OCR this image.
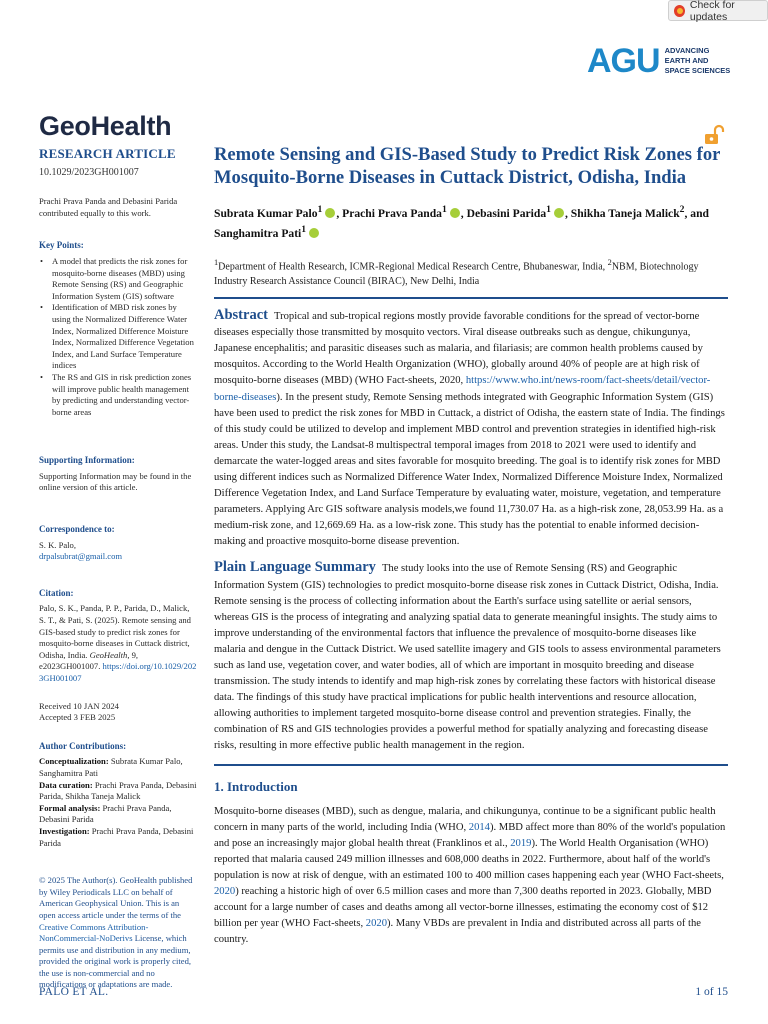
Check for updates
AGU ADVANCING
EARTH AND
SPACE SCIENCES
GeoHealth
RESEARCH ARTICLE
10.1029/2023GH001007
Prachi Prava Panda and Debasini Parida contributed equally to this work.
Key Points:
• A model that predicts the risk zones for mosquito-borne diseases (MBD) using Remote Sensing (RS) and Geographic Information System (GIS) software
• Identification of MBD risk zones by using the Normalized Difference Water Index, Normalized Difference Moisture Index, Normalized Difference Vegetation Index, and Land Surface Temperature indices
• The RS and GIS in risk prediction zones will improve public health management by predicting and understanding vector-borne areas
Supporting Information:
Supporting Information may be found in the online version of this article.
Correspondence to:
S. K. Palo,
drpalsubrat@gmail.com
Citation:
Palo, S. K., Panda, P. P., Parida, D., Malick, S. T., & Pati, S. (2025). Remote sensing and GIS-based study to predict risk zones for mosquito-borne diseases in Cuttack district, Odisha, India. GeoHealth, 9, e2023GH001007. https://doi.org/10.1029/2023GH001007
Received 10 JAN 2024
Accepted 3 FEB 2025
Author Contributions:
Conceptualization: Subrata Kumar Palo, Sanghamitra Pati
Data curation: Prachi Prava Panda, Debasini Parida, Shikha Taneja Malick
Formal analysis: Prachi Prava Panda, Debasini Parida
Investigation: Prachi Prava Panda, Debasini Parida
© 2025 The Author(s). GeoHealth published by Wiley Periodicals LLC on behalf of American Geophysical Union. This is an open access article under the terms of the Creative Commons Attribution-NonCommercial-NoDerivs License, which permits use and distribution in any medium, provided the original work is properly cited, the use is non-commercial and no modifications or adaptations are made.
Remote Sensing and GIS-Based Study to Predict Risk Zones for Mosquito-Borne Diseases in Cuttack District, Odisha, India
Subrata Kumar Palo$^1$ , Prachi Prava Panda$^1$ , Debasini Parida$^1$ , Shikha Taneja Malick$^2$, and Sanghamitra Pati$^1$
$^1$Department of Health Research, ICMR-Regional Medical Research Centre, Bhubaneswar, India, $^2$NBM, Biotechnology Industry Research Assistance Council (BIRAC), New Delhi, India
Abstract Tropical and sub-tropical regions mostly provide favorable conditions for the spread of vector-borne diseases especially those transmitted by mosquito vectors. Viral disease outbreaks such as dengue, chikungunya, Japanese encephalitis; and parasitic diseases such as malaria, and filariasis; are common health problems caused by mosquitos. According to the World Health Organization (WHO), globally around 40% of people are at high risk of mosquito-borne diseases (MBD) (WHO Fact-sheets, 2020, https://www.who.int/news-room/fact-sheets/detail/vector-borne-diseases). In the present study, Remote Sensing methods integrated with Geographic Information System (GIS) have been used to predict the risk zones for MBD in Cuttack, a district of Odisha, the eastern state of India. The findings of this study could be utilized to develop and implement MBD control and prevention strategies in identified high-risk areas. Under this study, the Landsat-8 multispectral temporal images from 2018 to 2021 were used to identify and demarcate the water-logged areas and sites favorable for mosquito breeding. The goal is to identify risk zones for MBD using different indices such as Normalized Difference Water Index, Normalized Difference Moisture Index, Normalized Difference Vegetation Index, and Land Surface Temperature by evaluating water, moisture, vegetation, and temperature parameters. Applying Arc GIS software analysis models,we found 11,730.07 Ha. as a high-risk zone, 28,053.99 Ha. as a medium-risk zone, and 12,669.69 Ha. as a low-risk zone. This study has the potential to enable informed decision-making and proactive mosquito-borne disease prevention.
Plain Language Summary The study looks into the use of Remote Sensing (RS) and Geographic Information System (GIS) technologies to predict mosquito-borne disease risk zones in Cuttack District, Odisha, India. Remote sensing is the process of collecting information about the Earth's surface using satellite or aerial sensors, whereas GIS is the process of integrating and analyzing spatial data to generate meaningful insights. The study aims to improve understanding of the environmental factors that influence the prevalence of mosquito-borne diseases like malaria and dengue in the Cuttack District. We used satellite imagery and GIS tools to assess environmental parameters such as land use, vegetation cover, and water bodies, all of which are important in mosquito breeding and disease transmission. The study intends to identify and map high-risk zones by correlating these factors with historical disease data. The findings of this study have practical implications for public health interventions and resource allocation, allowing authorities to implement targeted mosquito-borne disease control and prevention strategies. Finally, the combination of RS and GIS technologies provides a powerful method for spatially analyzing and forecasting disease risks, resulting in more effective public health management in the region.
1. Introduction
Mosquito-borne diseases (MBD), such as dengue, malaria, and chikungunya, continue to be a significant public health concern in many parts of the world, including India (WHO, 2014). MBD affect more than 80% of the world's population and pose an increasingly major global health threat (Franklinos et al., 2019). The World Health Organisation (WHO) reported that malaria caused 249 million illnesses and 608,000 deaths in 2022. Furthermore, about half of the world's population is now at risk of dengue, with an estimated 100 to 400 million cases happening each year (WHO Fact-sheets, 2020) reaching a historic high of over 6.5 million cases and more than 7,300 deaths reported in 2023. Globally, MBD account for a large number of cases and deaths among all vector-borne illnesses, estimating the economy cost of $12 billion per year (WHO Fact-sheets, 2020). Many VBDs are prevalent in India and distributed across all parts of the country.
PALO ET AL.	1 of 15
